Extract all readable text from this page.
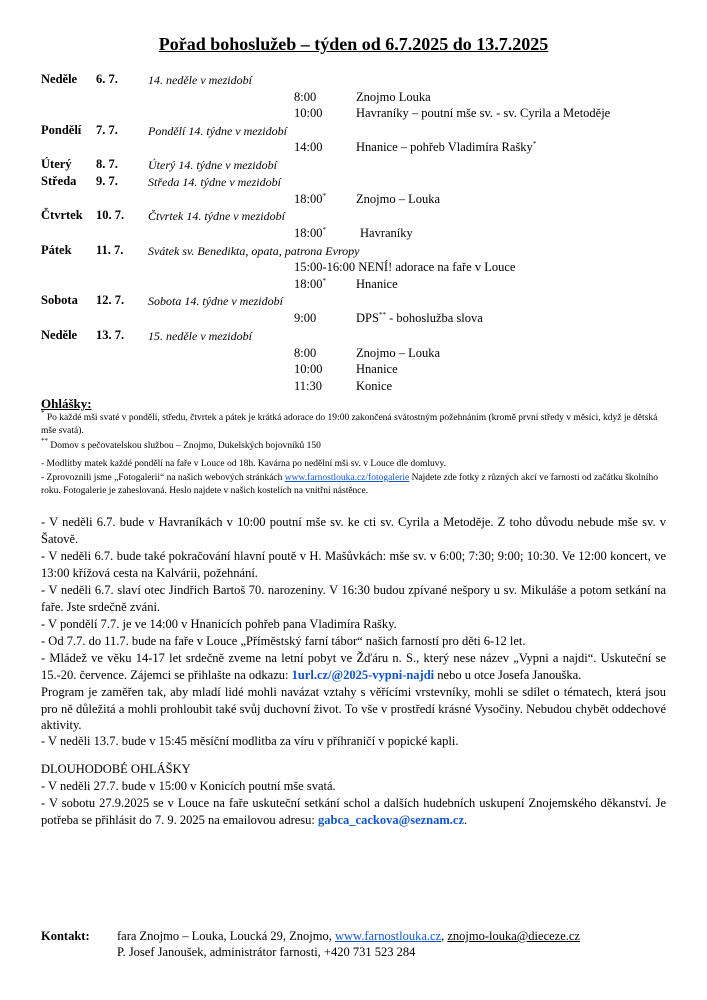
Pořad bohoslužeb – týden od 6.7.2025 do 13.7.2025
Neděle 6. 7.	14. neděle v mezidobí
8:00	Znojmo Louka
10:00	Havraníky – poutní mše sv. - sv. Cyrila a Metoděje
Pondělí 7. 7.	Pondělí 14. týdne v mezidobí
14:00	Hnanice – pohřeb Vladimíra Rašky*
Úterý 8. 7.	Úterý 14. týdne v mezidobí
Středa 9. 7.	Středa 14. týdne v mezidobí
18:00* Znojmo – Louka
Čtvrtek 10. 7. Čtvrtek 14. týdne v mezidobí
18:00*	Havraníky
Pátek 11. 7. Svátek sv. Benedikta, opata, patrona Evropy
15:00-16:00 NENÍ! adorace na faře v Louce
18:00* Hnanice
Sobota 12. 7. Sobota 14. týdne v mezidobí
9:00	DPS** - bohoslužba slova
Neděle 13. 7. 15. neděle v mezidobí
8:00	Znojmo – Louka
10:00	Hnanice
11:30	Konice
Ohlášky:
* Po každé mši svaté v pondělí, středu, čtvrtek a pátek je krátká adorace do 19:00 zakončená svátostným požehnáním (kromě první středy v měsíci, když je dětská mše svatá).
** Domov s pečovatelskou službou – Znojmo, Dukelských bojovníků 150
- Modlitby matek každé pondělí na faře v Louce od 18h. Kavárna po nedělní mši sv. v Louce dle domluvy.
- Zprovoznili jsme „Fotogalerii“ na našich webových stránkách www.farnostlouka.cz/fotogalerie Najdete zde fotky z různých akcí ve farnosti od začátku školního roku. Fotogalerie je zaheslovaná. Heslo najdete v našich kostelích na vnitřní nástěnce.
- V neděli 6.7. bude v Havraníkách v 10:00 poutní mše sv. ke cti sv. Cyrila a Metoděje. Z toho důvodu nebude mše sv. v Šatově.
- V neděli 6.7. bude také pokračování hlavní poutě v H. Mašůvkách: mše sv. v 6:00; 7:30; 9:00; 10:30. Ve 12:00 koncert, ve 13:00 křížová cesta na Kalvárii, požehnání.
- V neděli 6.7. slaví otec Jindřich Bartoš 70. narozeniny. V 16:30 budou zpívané nešpory u sv. Mikuláše a potom setkání na faře. Jste srdečně zváni.
- V pondělí 7.7. je ve 14:00 v Hnanicích pohřeb pana Vladimíra Rašky.
- Od 7.7. do 11.7. bude na faře v Louce „Příměstský farní tábor“ našich farností pro děti 6-12 let.
- Mládež ve věku 14-17 let srdečně zveme na letní pobyt ve Žďáru n. S., který nese název „Vypni a najdi“. Uskuteční se 15.-20. července. Zájemci se přihlašte na odkazu: 1url.cz/@2025-vypni-najdi nebo u otce Josefa Janouška.
Program je zaměřen tak, aby mladí lidé mohli navázat vztahy s věřícími vrstevníky, mohli se sdílet o tématech, která jsou pro ně důležitá a mohli prohloubit také svůj duchovní život. To vše v prostředí krásné Vysočiny. Nebudou chybět oddechové aktivity.
- V neděli 13.7. bude v 15:45 měsíční modlitba za víru v příhraničí v popické kapli.
DLOUHODOBÉ OHLÁŠKY
- V neděli 27.7. bude v 15:00 v Konicích poutní mše svatá.
- V sobotu 27.9.2025 se v Louce na faře uskuteční setkání schol a dalších hudebních uskupení Znojemského děkanství. Je potřeba se přihlásit do 7. 9. 2025 na emailovou adresu: gabca_cackova@seznam.cz.
Kontakt: fara Znojmo – Louka, Loucká 29, Znojmo, www.farnostlouka.cz, znojmo-louka@dieceze.cz
P. Josef Janoušek, administrátor farnosti, +420 731 523 284
